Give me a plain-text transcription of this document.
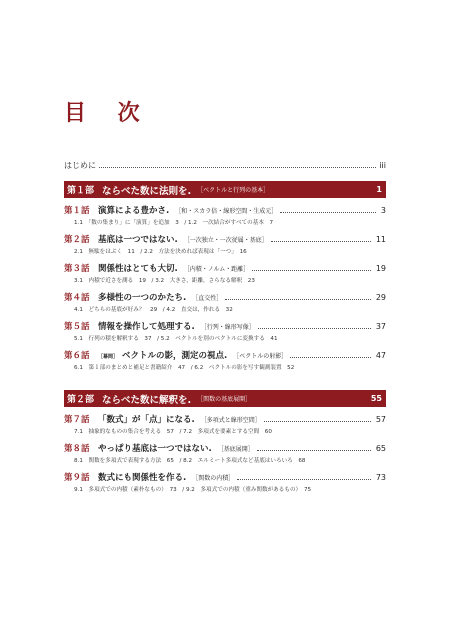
目 次
はじめに	iii
第１部 ならべた数に法則を. ［ベクトルと行列の基本］	1
第１話 演算による豊かさ. ［和・スカラ倍・線形空間・生成元］	3
1.1　「数の集まり」に「演算」を追加　3　/ 1.2　一次結合がすべての基本　7
第２話 基底は一つではない. ［一次独立・一次従属・基底］	11
2.1　無駄をはぶく　11　/ 2.2　方法を決めれば表現は「一つ」　16
第３話 関係性はとても大切. ［内積・ノルム・距離］	19
3.1　内積で近さを測る　19　/ 3.2　大きさ，距離，さらなる解釈　23
第４話 多様性の一つのかたち. ［直交性］	29
4.1　どちらの基底が好み？　29　/ 4.2　直交は，作れる　32
第５話 情報を操作して処理する. ［行列・線形写像］	37
5.1　行列の積を解釈する　37　/ 5.2　ベクトルを別のベクトルに変換する　41
第６話	［幕間］ ベクトルの影，測定の視点. ［ベクトルの射影］	47
6.1　第１部のまとめと補足と書籍紹介　47　/ 6.2　ベクトルの影を写す観測装置　52
第２部 ならべた数に解釈を. ［関数の基底展開］	55
第７話 「数式」が「点」になる. ［多項式と線形空間］	57
7.1　抽象的なものの集合を考える　57　/ 7.2　多項式を要素とする空間　60
第８話 やっぱり基底は一つではない. ［基底展開］	65
8.1　関数を多項式で表現する方法　65　/ 8.2　エルミート多項式など基底はいろいろ　68
第９話 数式にも関係性を作る. ［関数の内積］	73
9.1　多項式での内積（素朴なもの）　73　/ 9.2　多項式での内積（重み関数があるもの）　75
